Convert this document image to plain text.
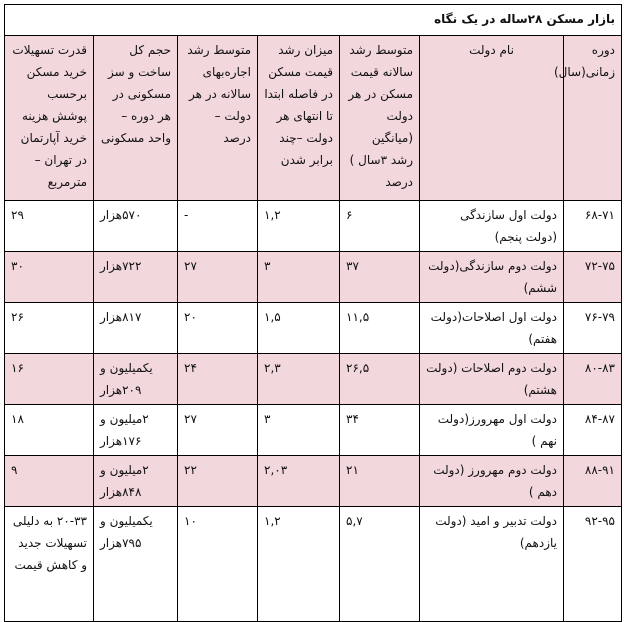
بازار مسکن ۲۸ساله در یک نگاه						
دوره زمانی(سال)	نام دولت	متوسط رشد سالانه قیمت مسکن در هر دولت (میانگین رشد ۳سال ) درصد	میزان رشد قیمت مسکن در فاصله ابتدا تا انتهای هر دولت –چند برابر شدن	متوسط رشد اجاره‌بهای سالانه در هر دولت – درصد	حجم کل ساخت و سز مسکونی در هر دوره –واحد مسکونی	قدرت تسهیلات خرید مسکن برحسب پوشش هزینه خرید آپارتمان در تهران – مترمربع
۶۸-۷۱	دولت اول سازندگی (دولت پنجم)	۶	۱,۲	-	۵۷۰هزار	۲۹
۷۲-۷۵	دولت دوم سازندگی(دولت ششم)	۳۷	۳	۲۷	۷۲۲هزار	۳۰
۷۶-۷۹	دولت اول اصلاحات(دولت هفتم)	۱۱,۵	۱,۵	۲۰	۸۱۷هزار	۲۶
۸۰-۸۳	دولت دوم اصلاحات (دولت هشتم)	۲۶,۵	۲,۳	۲۴	یکمیلیون و ۲۰۹هزار	۱۶
۸۴-۸۷	دولت اول مهرورز(دولت نهم )	۳۴	۳	۲۷	۲میلیون و ۱۷۶هزار	۱۸
۸۸-۹۱	دولت دوم مهرورز (دولت دهم )	۲۱	۲,۰۳	۲۲	۲میلیون و ۸۴۸هزار	۹
۹۲-۹۵	دولت تدبیر و امید (دولت یازدهم)	۵,۷	۱,۲	۱۰	یکمیلیون و ۷۹۵هزار	۲۰-۳۳ به دلیلی تسهیلات جدید و کاهش قیمت
